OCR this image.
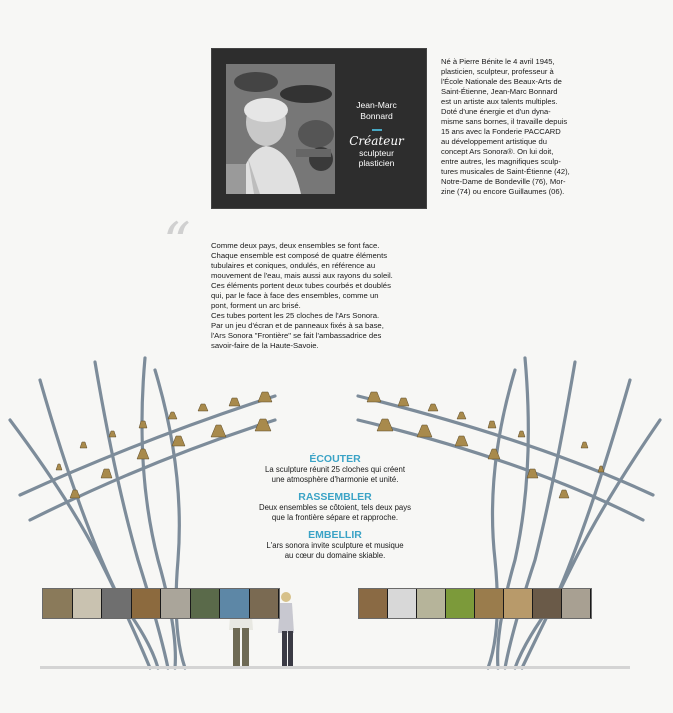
Jean-Marc
Bonnard
Créateur
sculpteur
plasticien

Né à Pierre Bénite le 4 avril 1945,

plasticien, sculpteur, professeur à

l'École Nationale des Beaux-Arts de

Saint-Étienne, Jean-Marc Bonnard

est un artiste aux talents multiples.

Doté d'une énergie et d'un dyna-

misme sans bornes, il travaille depuis

15 ans avec la Fonderie PACCARD

au développement artistique du

concept Ars Sonora®. On lui doit,

entre autres, les magnifiques sculp-

tures musicales de Saint-Étienne (42),

Notre-Dame de Bondeville (76), Mor-

zine (74) ou encore Guillaumes (06).

“	Comme deux pays, deux ensembles se font face.
Chaque ensemble est composé de quatre éléments
tubulaires et coniques, ondulés, en référence au
mouvement de l'eau, mais aussi aux rayons du soleil.
Ces éléments portent deux tubes courbés et doublés
qui, par le face à face des ensembles, comme un
pont, forment un arc brisé.
Ces tubes portent les 25 cloches de l'Ars Sonora.
Par un jeu d'écran et de panneaux fixés à sa base,
l'Ars Sonora "Frontière" se fait l'ambassadrice des
savoir-faire de la Haute-Savoie.
ÉCOUTER
La sculpture réunit 25 cloches qui créent
une atmosphère d'harmonie et unité.
RASSEMBLER
Deux ensembles se côtoient, tels deux pays
que la frontière sépare et rapproche.
EMBELLIR
L'ars sonora invite sculpture et musique
au cœur du domaine skiable.
